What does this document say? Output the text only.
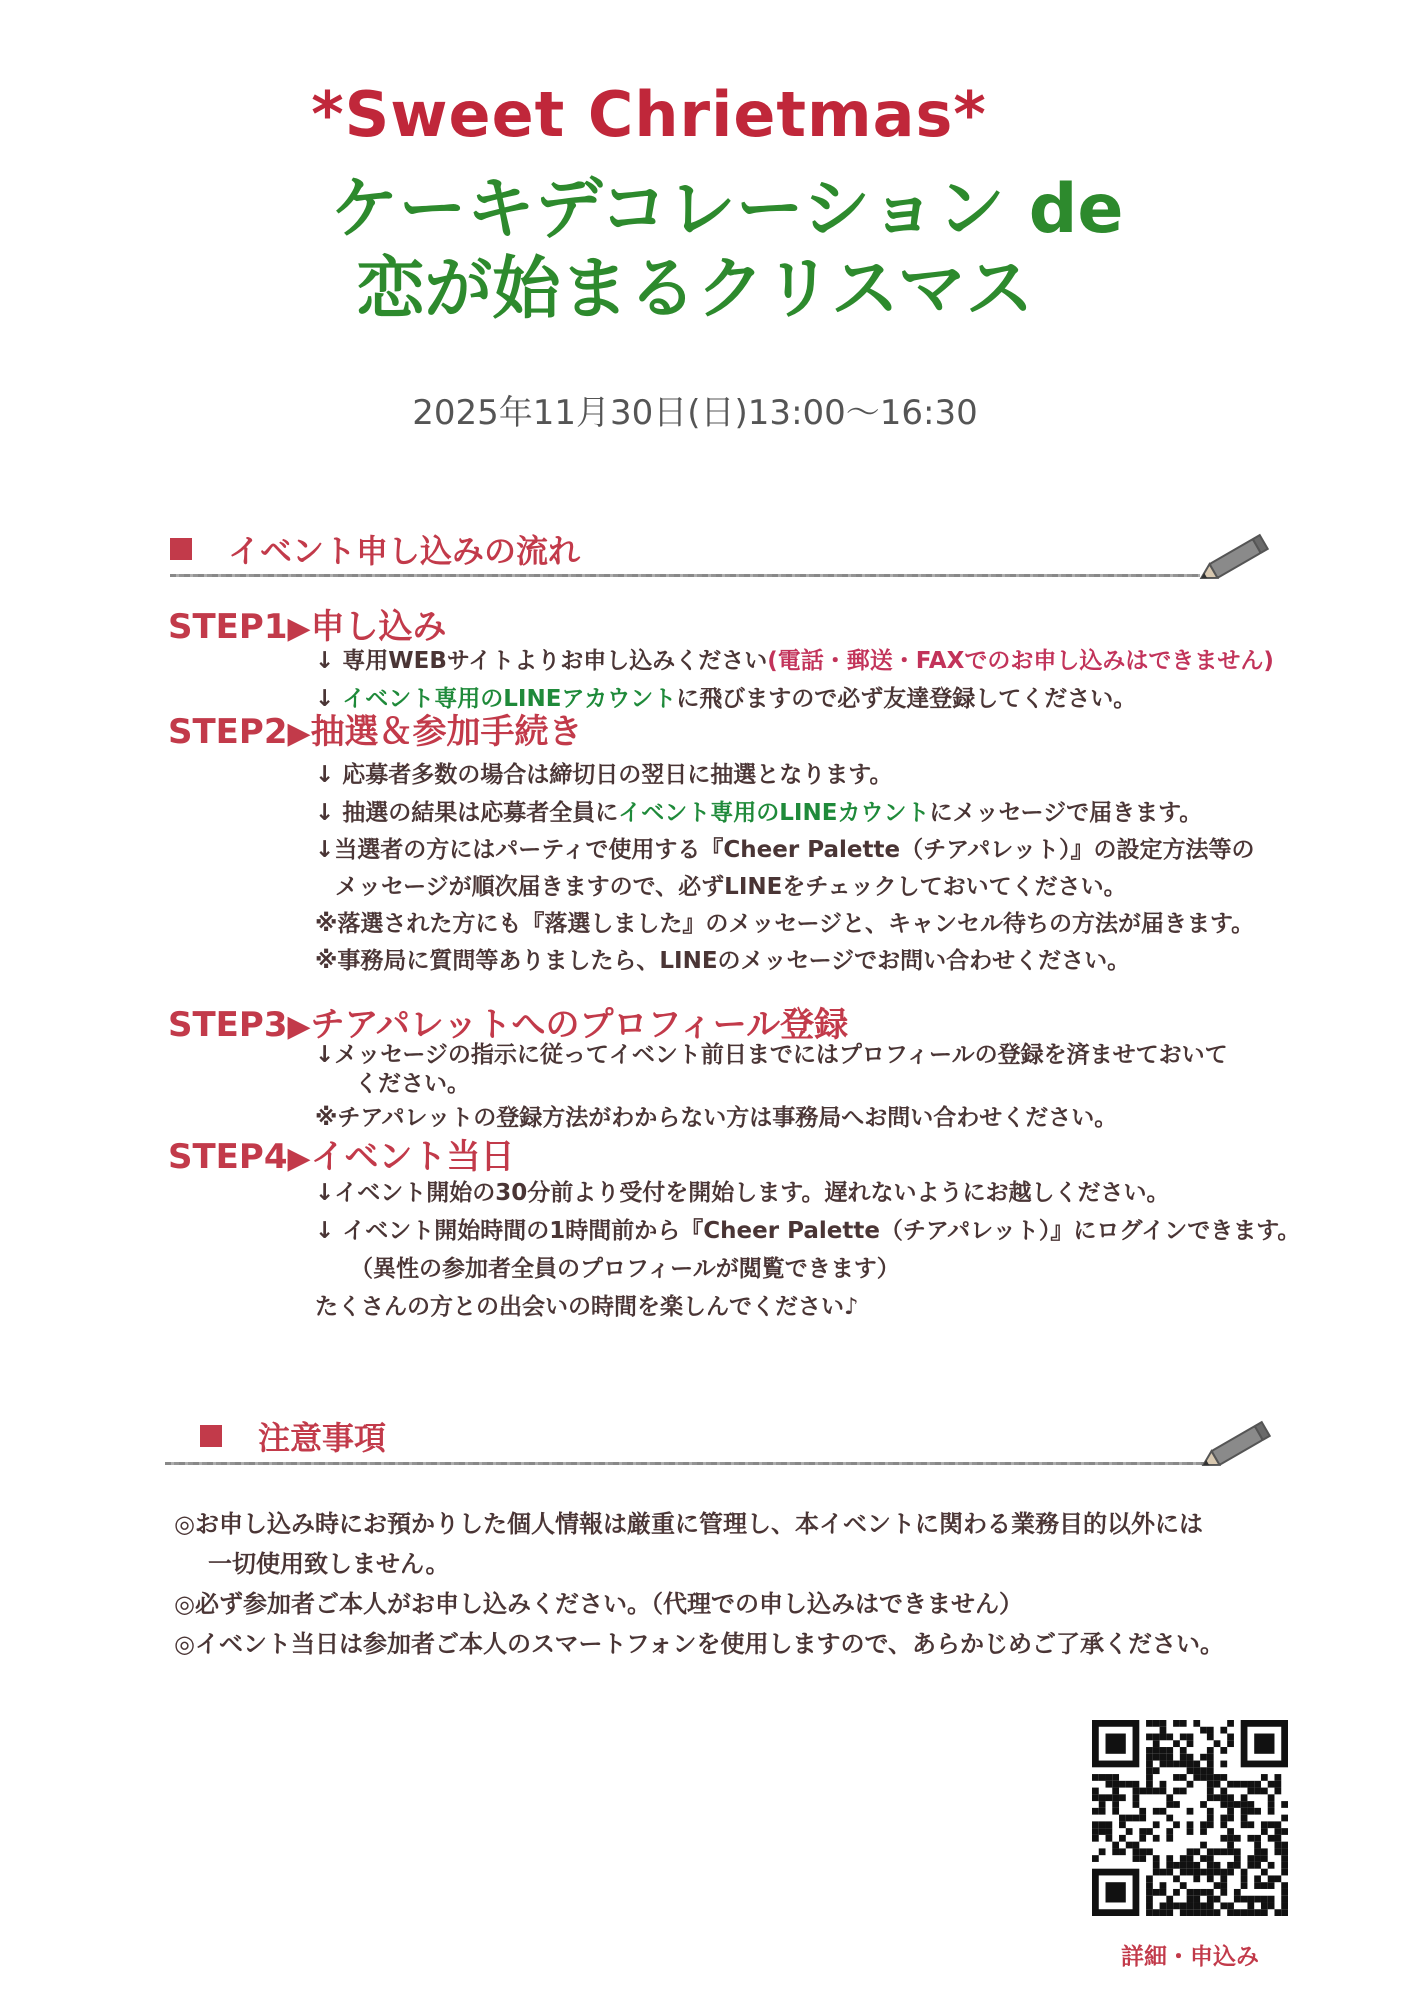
*Sweet Chrietmas*
ケーキデコレーション de
恋が始まるクリスマス
2025年11月30日(日)13:00〜16:30
イベント申し込みの流れ
STEP1▶申し込み
↓ 専用WEBサイトよりお申し込みください(電話・郵送・FAXでのお申し込みはできません)
↓ イベント専用のLINEアカウントに飛びますので必ず友達登録してください。
STEP2▶抽選＆参加手続き
↓ 応募者多数の場合は締切日の翌日に抽選となります。
↓ 抽選の結果は応募者全員にイベント専用のLINEカウントにメッセージで届きます。
↓当選者の方にはパーティで使用する『Cheer Palette（チアパレット）』の設定方法等の
メッセージが順次届きますので、必ずLINEをチェックしておいてください。
※落選された方にも『落選しました』のメッセージと、キャンセル待ちの方法が届きます。
※事務局に質問等ありましたら、LINEのメッセージでお問い合わせください。
STEP3▶チアパレットへのプロフィール登録
↓メッセージの指示に従ってイベント前日までにはプロフィールの登録を済ませておいて
ください。
※チアパレットの登録方法がわからない方は事務局へお問い合わせください。
STEP4▶イベント当日
↓イベント開始の30分前より受付を開始します。遅れないようにお越しください。
↓ イベント開始時間の1時間前から『Cheer Palette（チアパレット）』にログインできます。
（異性の参加者全員のプロフィールが閲覧できます）
たくさんの方との出会いの時間を楽しんでください♪
注意事項
◎お申し込み時にお預かりした個人情報は厳重に管理し、本イベントに関わる業務目的以外には
一切使用致しません。
◎必ず参加者ご本人がお申し込みください。（代理での申し込みはできません）
◎イベント当日は参加者ご本人のスマートフォンを使用しますので、あらかじめご了承ください。
詳細・申込み
